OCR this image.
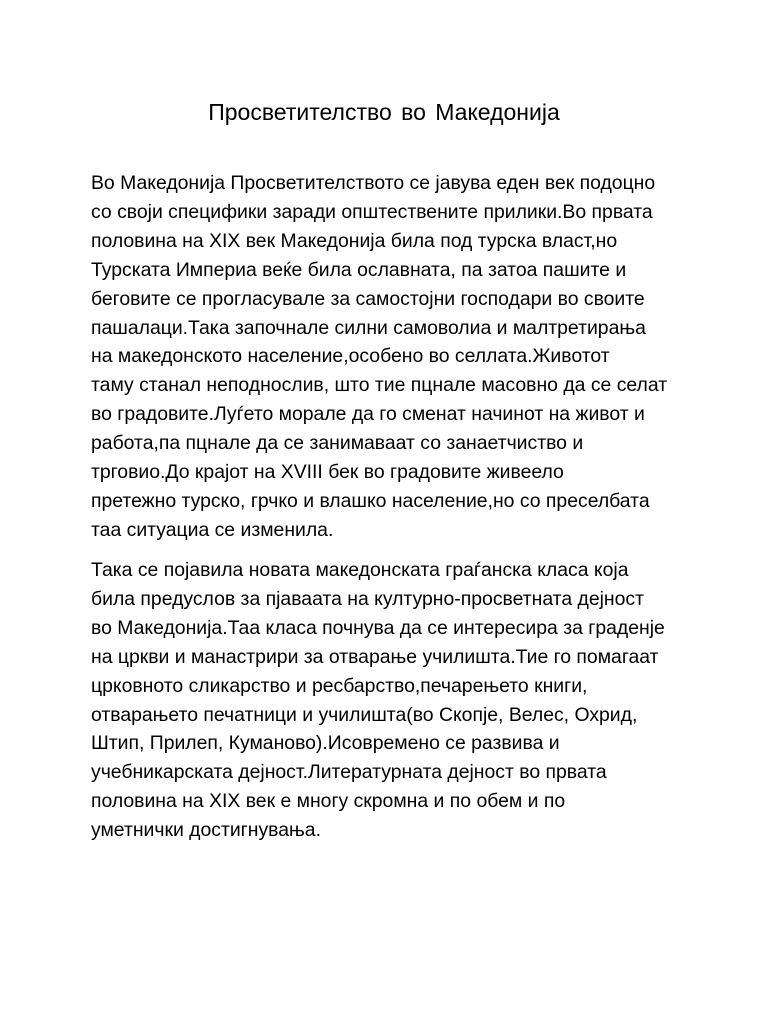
Просветителство во Македонија
Во Македонија Просветителството се јавува еден век подоцно
со своји специфики заради општествените прилики.Во првата
половина на XIX век Македонија била под турска власт,но
Турската Империа веќе била ославната, па затоа пашите и
беговите се прогласувале за самостојни господари во своите
пашалаци.Така започнале силни самоволиа и малтретирања
на македонското население,особено во селлата.Животот
таму станал неподнослив, што тие пцнале масовно да се селат
во градовите.Луѓето морале да го сменат начинот на живот и
работа,па пцнале да се занимаваат со занаетчиство и
трговио.До крајот на XVIII бек во градовите живеело
претежно турско, грчко и влашко население,но со преселбата
таа ситуациа се изменила.
Така се појавила новата македонската граѓанска класа која
била предуслов за пјаваата на културно-просветната дејност
во Македонија.Таа класа почнува да се интересира за граденје
на цркви и манастрири за отварање училишта.Тие го помагаат
црковното сликарство и ресбарство,печарењето книги,
отварањето печатници и училишта(во Скопје, Велес, Охрид,
Штип, Прилеп, Куманово).Исовремено се развива и
учебникарската дејност.Литературната дејност во првата
половина на XIX век е многу скромна и по обем и по
уметнички достигнувања.
